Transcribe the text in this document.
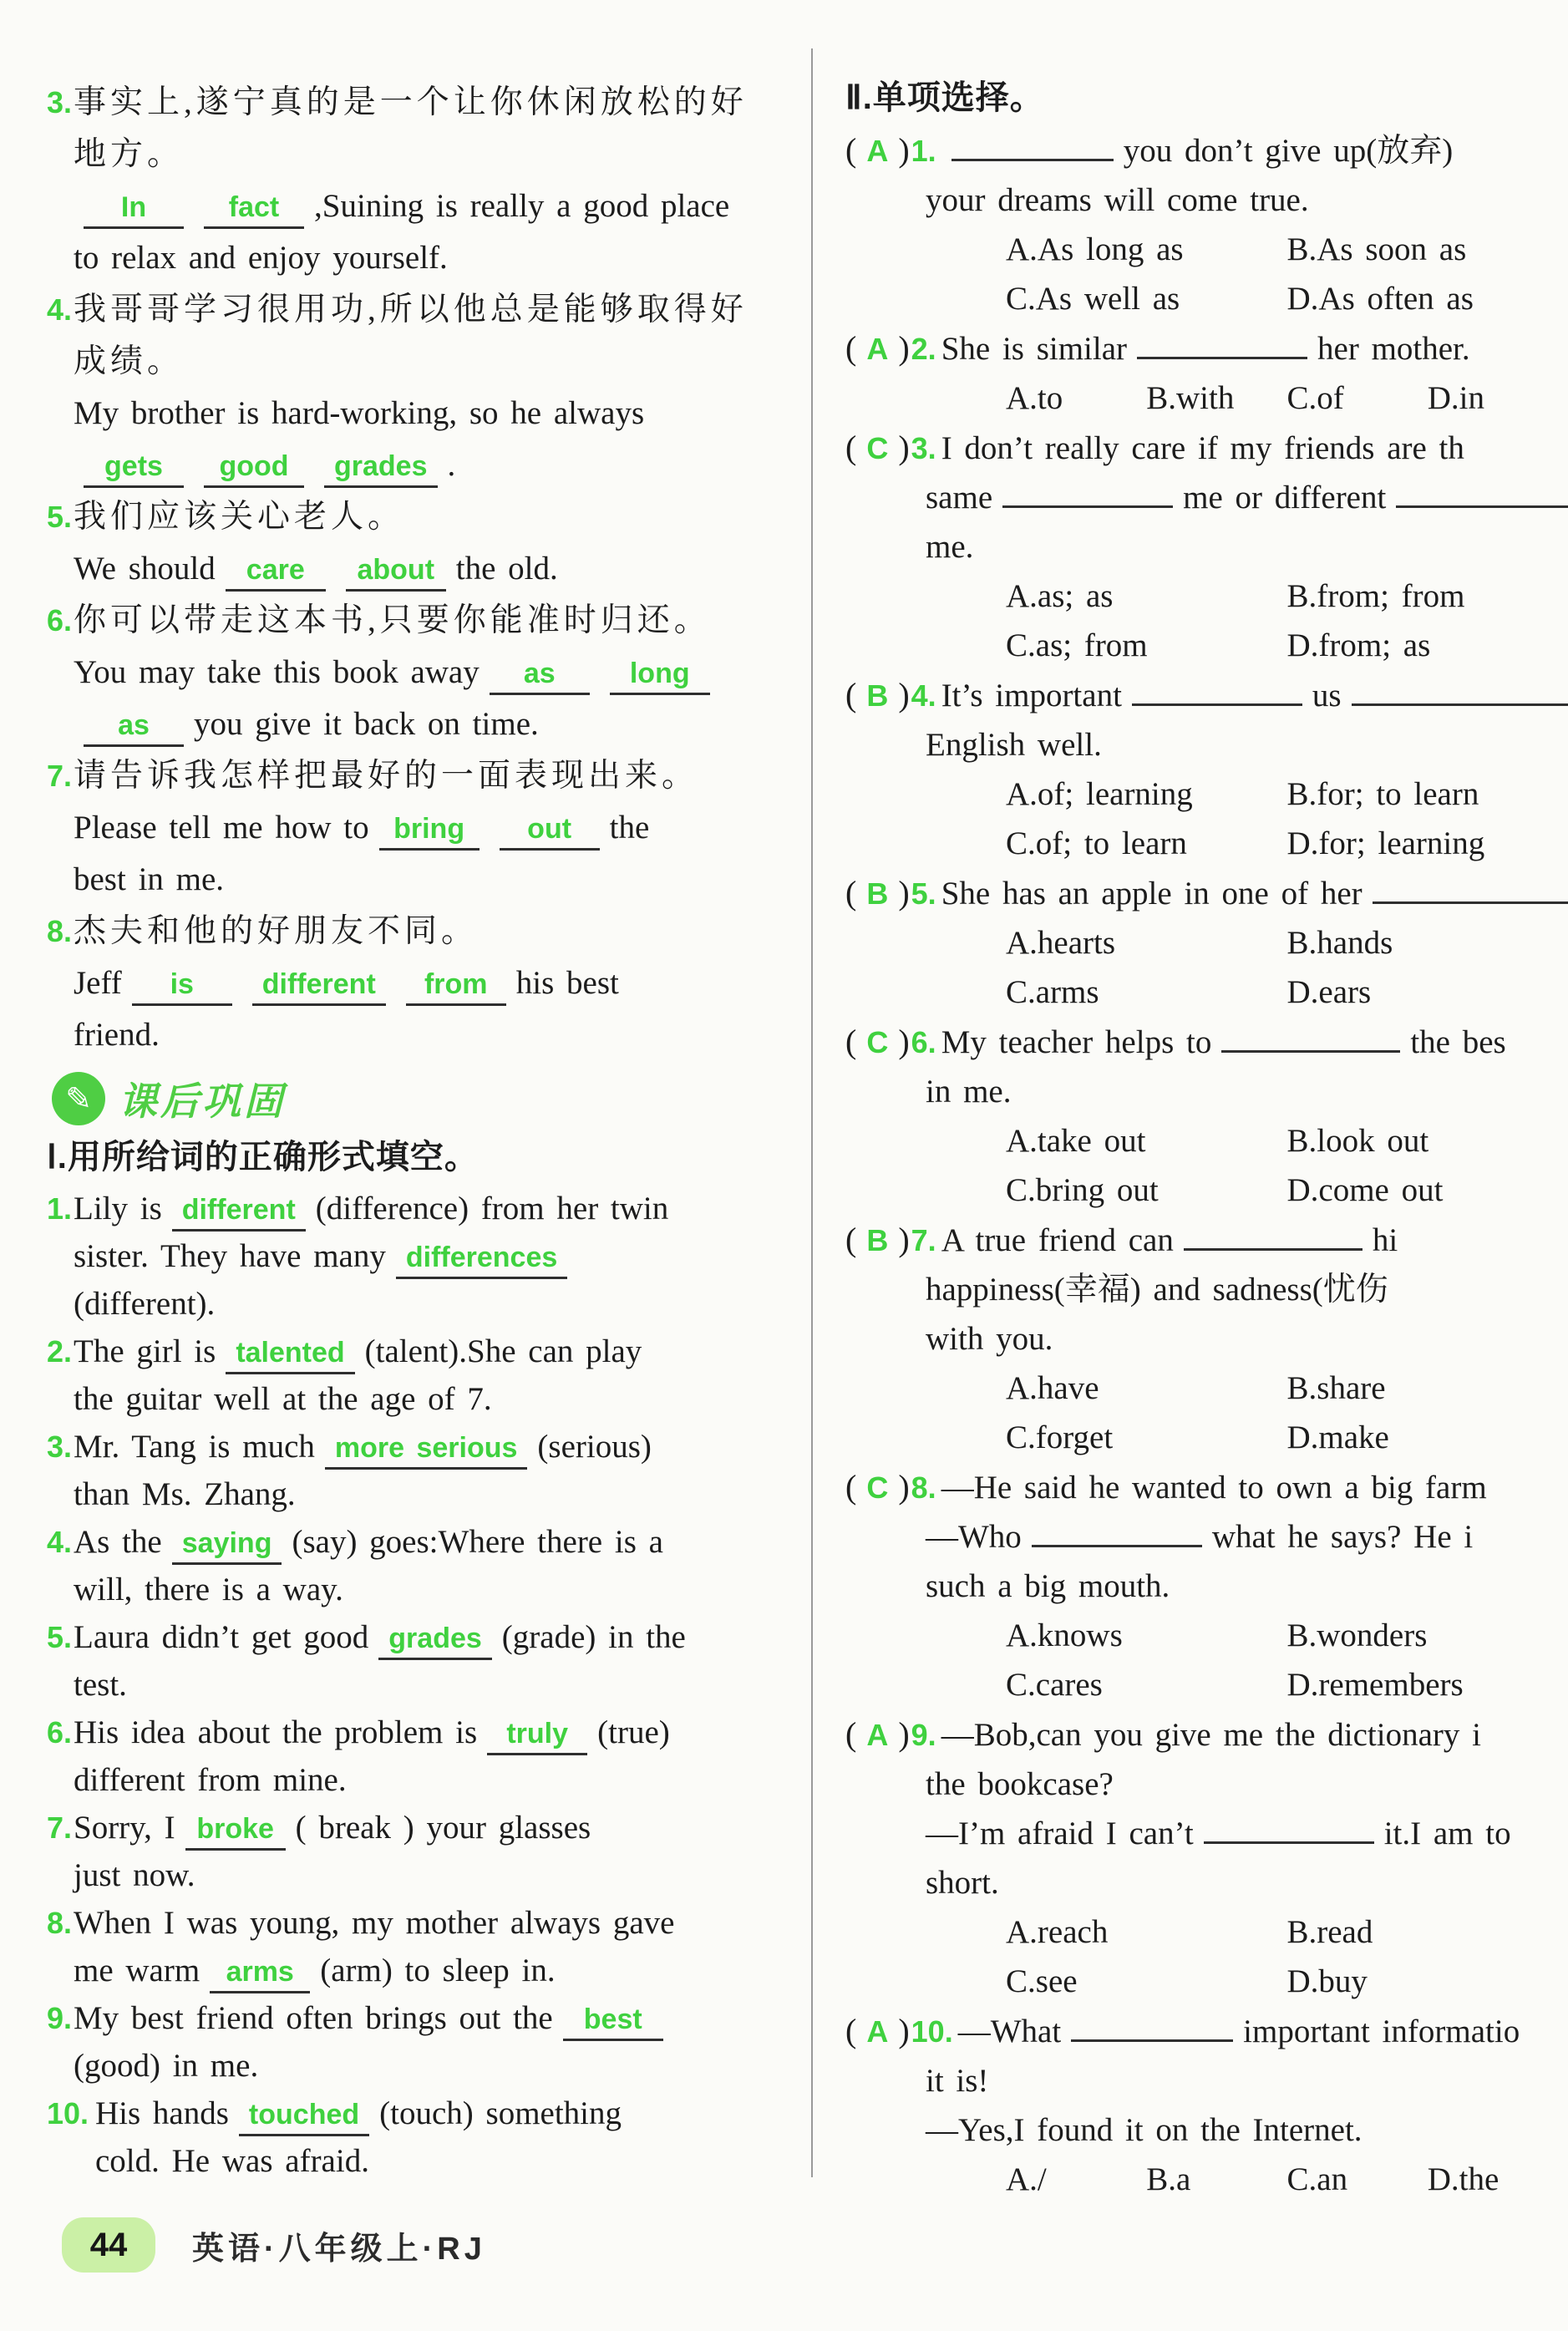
3. 事实上,遂宁真的是一个让你休闲放松的好
地方。
In	fact ,Suining is really a good place
to relax and enjoy yourself.
4. 我哥哥学习很用功,所以他总是能够取得好
成绩。
My brother is hard-working, so he always
gets good grades .
5. 我们应该关心老人。
We should care about the old.
6. 你可以带走这本书,只要你能准时归还。
You may take this book away as	long
as you give it back on time.
7. 请告诉我怎样把最好的一面表现出来。
Please tell me how to bring out the
best in me.
8. 杰夫和他的好朋友不同。
Jeff is different from his best
friend.
✎ 课后巩固
Ⅰ.用所给词的正确形式填空。
1. Lily is different (difference) from her twin
sister. They have many differences
(different).
2. The girl is talented (talent).She can play
the guitar well at the age of 7.
3. Mr. Tang is much more serious (serious)
than Ms. Zhang.
4. As the saying (say) goes:Where there is a
will, there is a way.
5. Laura didn’t get good grades (grade) in the
test.
6. His idea about the problem is truly (true)
different from mine.
7. Sorry, I broke ( break ) your glasses
just now.
8. When I was young, my mother always gave
me warm arms (arm) to sleep in.
9. My best friend often brings out the best
(good) in me.
10. His hands touched (touch) something
cold. He was afraid.
Ⅱ.单项选择。
( A )1.	you don’t give up(放弃)
your dreams will come true.
A.As long as	B.As soon as
C.As well as	D.As often as
( A )2. She is similar	her mother.
A.to	B.with	C.of	D.in
( C )3. I don’t really care if my friends are th
same	me or different
me.
A.as; as	B.from; from
C.as; from	D.from; as
( B )4. It’s important	us
English well.
A.of; learning	B.for; to learn
C.of; to learn	D.for; learning
( B )5. She has an apple in one of her
A.hearts	B.hands
C.arms	D.ears
( C )6. My teacher helps to	the bes
in me.
A.take out	B.look out
C.bring out	D.come out
( B )7. A true friend can	hi
happiness(幸福) and sadness(忧伤
with you.
A.have	B.share
C.forget	D.make
( C )8. —He said he wanted to own a big farm
—Who	what he says? He i
such a big mouth.
A.knows	B.wonders
C.cares	D.remembers
( A )9. —Bob,can you give me the dictionary i
the bookcase?
—I’m afraid I can’t	it.I am to
short.
A.reach	B.read
C.see	D.buy
( A )10. —What	important informatio
it is!
—Yes,I found it on the Internet.
A./	B.a	C.an	D.the
44	英语·八年级上·RJ
